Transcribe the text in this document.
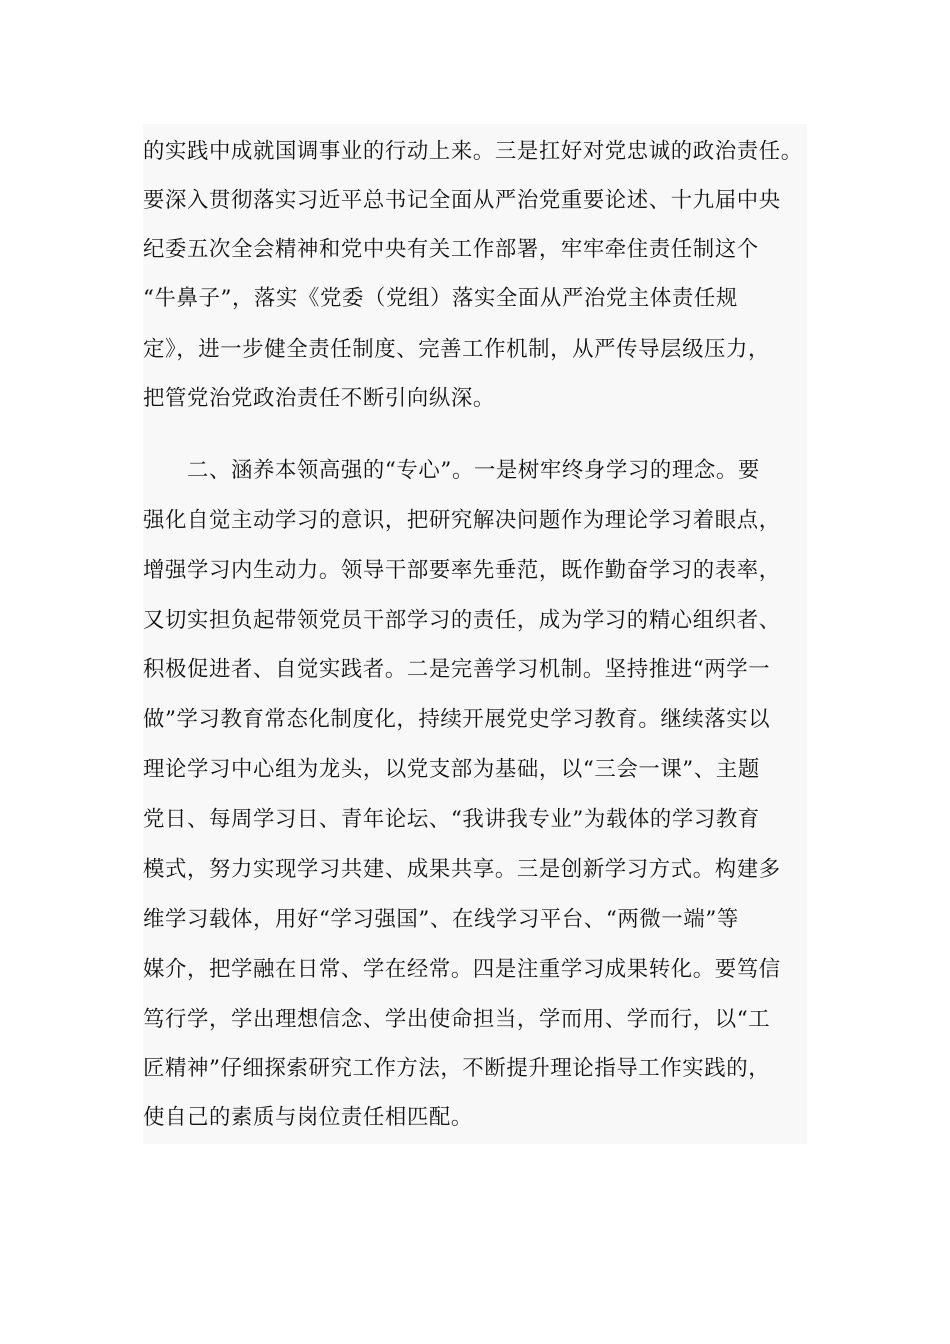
的实践中成就国调事业的行动上来。三是扛好对党忠诚的政治责任。
要深入贯彻落实习近平总书记全面从严治党重要论述、十九届中央
纪委五次全会精神和党中央有关工作部署，牢牢牵住责任制这个
“牛鼻子”，落实《党委（党组）落实全面从严治党主体责任规
定》，进一步健全责任制度、完善工作机制，从严传导层级压力，
把管党治党政治责任不断引向纵深。
　　二、涵养本领高强的“专心”。一是树牢终身学习的理念。要
强化自觉主动学习的意识，把研究解决问题作为理论学习着眼点，
增强学习内生动力。领导干部要率先垂范，既作勤奋学习的表率，
又切实担负起带领党员干部学习的责任，成为学习的精心组织者、
积极促进者、自觉实践者。二是完善学习机制。坚持推进“两学一
做”学习教育常态化制度化，持续开展党史学习教育。继续落实以
理论学习中心组为龙头，以党支部为基础，以“三会一课”、主题
党日、每周学习日、青年论坛、“我讲我专业”为载体的学习教育
模式，努力实现学习共建、成果共享。三是创新学习方式。构建多
维学习载体，用好“学习强国”、在线学习平台、“两微一端”等
媒介，把学融在日常、学在经常。四是注重学习成果转化。要笃信
笃行学，学出理想信念、学出使命担当，学而用、学而行，以“工
匠精神”仔细探索研究工作方法，不断提升理论指导工作实践的，
使自己的素质与岗位责任相匹配。
